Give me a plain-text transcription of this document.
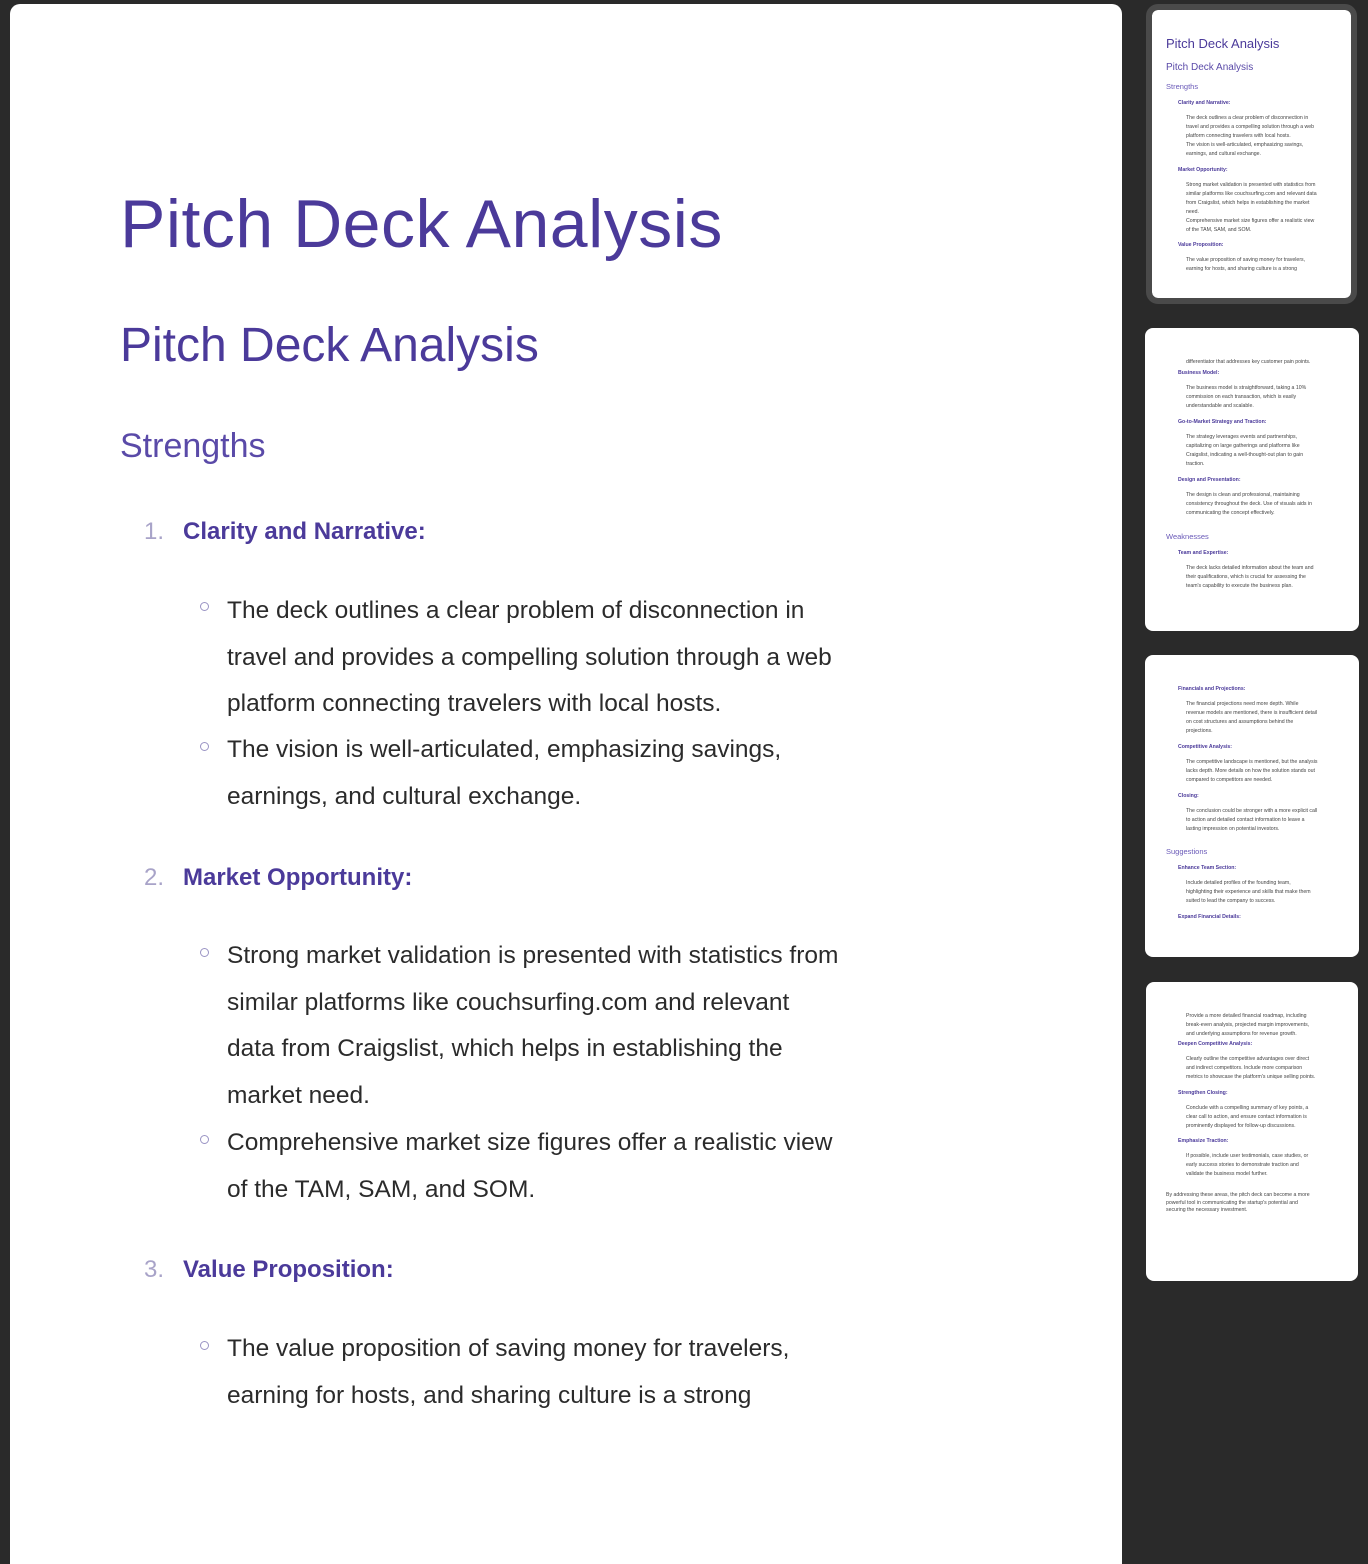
Pitch Deck Analysis
Pitch Deck Analysis
Strengths
1. Clarity and Narrative:
The deck outlines a clear problem of disconnection in
travel and provides a compelling solution through a web
platform connecting travelers with local hosts.
The vision is well-articulated, emphasizing savings,
earnings, and cultural exchange.
2. Market Opportunity:
Strong market validation is presented with statistics from
similar platforms like couchsurfing.com and relevant
data from Craigslist, which helps in establishing the
market need.
Comprehensive market size figures offer a realistic view
of the TAM, SAM, and SOM.
3. Value Proposition:
The value proposition of saving money for travelers,
earning for hosts, and sharing culture is a strong

Pitch Deck Analysis

Pitch Deck Analysis

Strengths

Clarity and Narrative:

The deck outlines a clear problem of disconnection in travel and provides a compelling solution through a web platform connecting travelers with local hosts.

The vision is well-articulated, emphasizing savings, earnings, and cultural exchange.

Market Opportunity:

Strong market validation is presented with statistics from similar platforms like couchsurfing.com and relevant data from Craigslist, which helps in establishing the market need.

Comprehensive market size figures offer a realistic view of the TAM, SAM, and SOM.

Value Proposition:

The value proposition of saving money for travelers, earning for hosts, and sharing culture is a strong

differentiator that addresses key customer pain points.

Business Model:

The business model is straightforward, taking a 10% commission on each transaction, which is easily understandable and scalable.

Go-to-Market Strategy and Traction:

The strategy leverages events and partnerships, capitalizing on large gatherings and platforms like Craigslist, indicating a well-thought-out plan to gain traction.

Design and Presentation:

The design is clean and professional, maintaining consistency throughout the deck. Use of visuals aids in communicating the concept effectively.

Weaknesses

Team and Expertise:

The deck lacks detailed information about the team and their qualifications, which is crucial for assessing the team's capability to execute the business plan.

Financials and Projections:

The financial projections need more depth. While revenue models are mentioned, there is insufficient detail on cost structures and assumptions behind the projections.

Competitive Analysis:

The competitive landscape is mentioned, but the analysis lacks depth. More details on how the solution stands out compared to competitors are needed.

Closing:

The conclusion could be stronger with a more explicit call to action and detailed contact information to leave a lasting impression on potential investors.

Suggestions

Enhance Team Section:

Include detailed profiles of the founding team, highlighting their experience and skills that make them suited to lead the company to success.

Expand Financial Details:

Provide a more detailed financial roadmap, including break-even analysis, projected margin improvements, and underlying assumptions for revenue growth.

Deepen Competitive Analysis:

Clearly outline the competitive advantages over direct and indirect competitors. Include more comparison metrics to showcase the platform's unique selling points.

Strengthen Closing:

Conclude with a compelling summary of key points, a clear call to action, and ensure contact information is prominently displayed for follow-up discussions.

Emphasize Traction:

If possible, include user testimonials, case studies, or early success stories to demonstrate traction and validate the business model further.

By addressing these areas, the pitch deck can become a more powerful tool in communicating the startup's potential and securing the necessary investment.
